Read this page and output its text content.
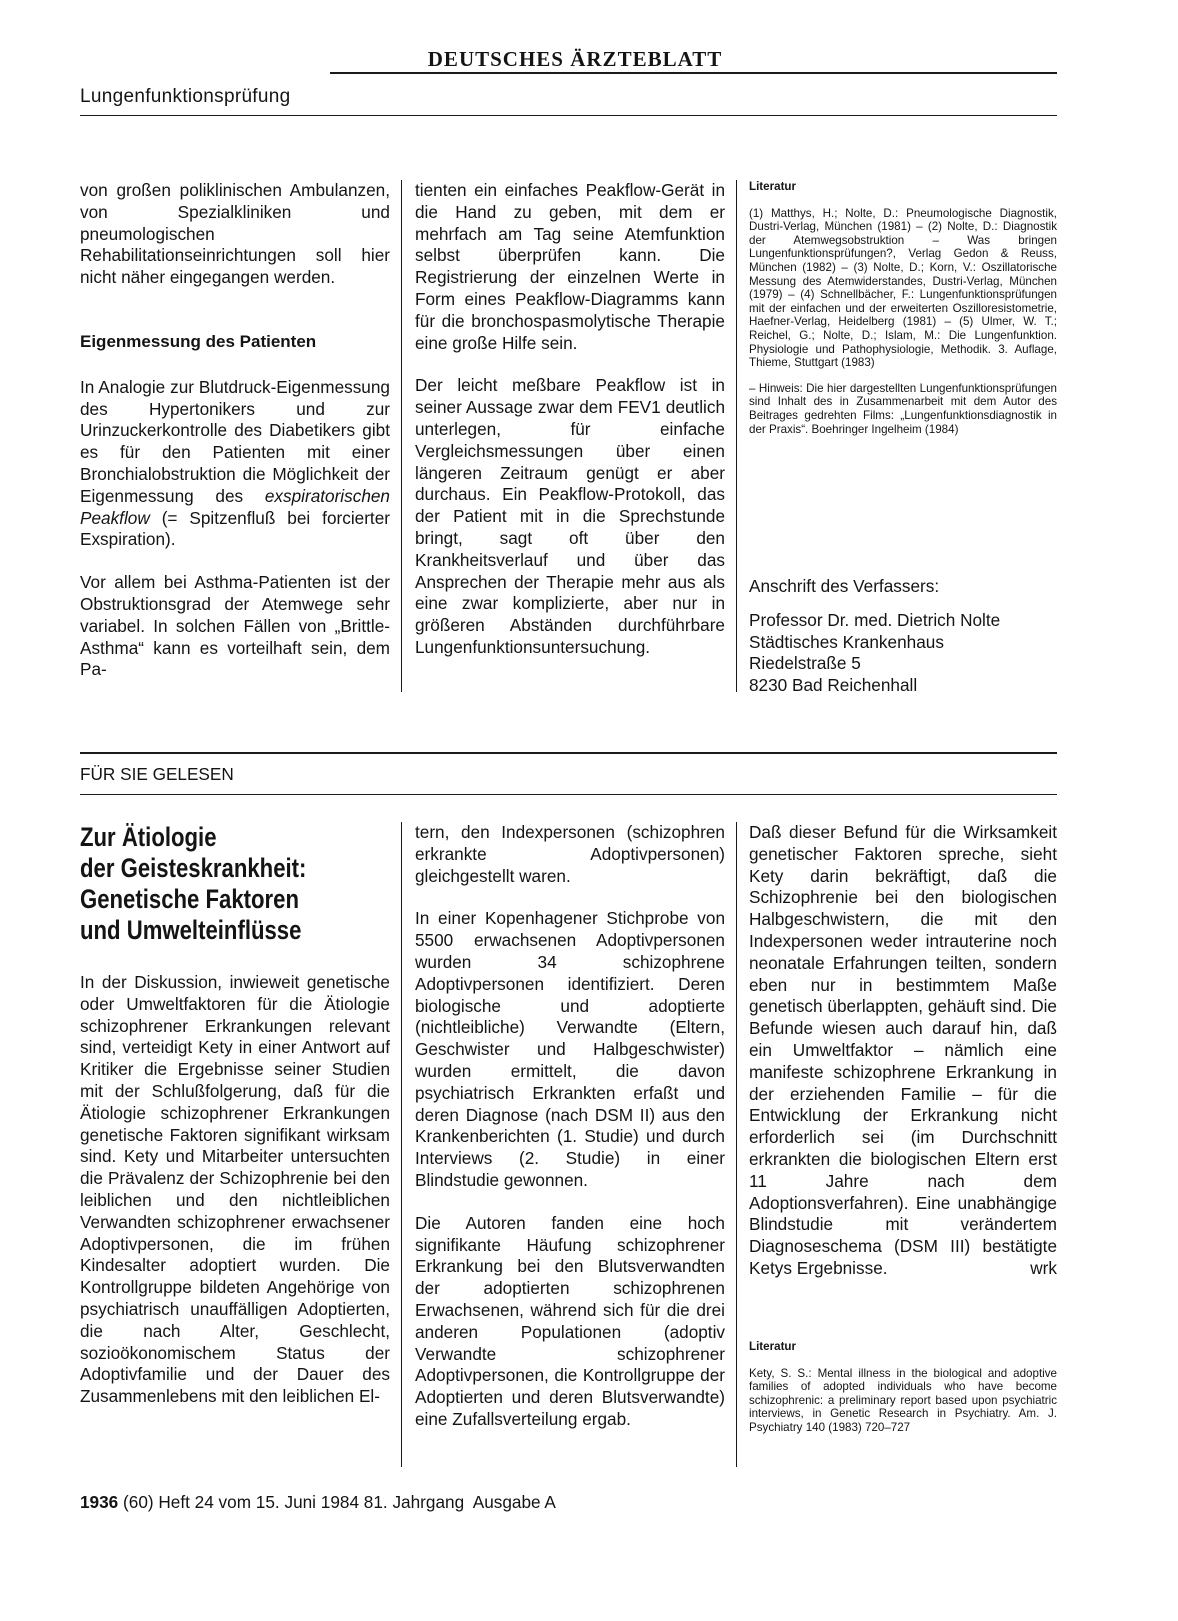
DEUTSCHES ÄRZTEBLATT
Lungenfunktionsprüfung

von großen poliklinischen Ambulanzen, von Spezialkliniken und pneumologischen Rehabilitationseinrichtungen soll hier nicht näher eingegangen werden.

Eigenmessung des Patienten

In Analogie zur Blutdruck-Eigenmessung des Hypertonikers und zur Urinzuckerkontrolle des Diabetikers gibt es für den Patienten mit einer Bronchialobstruktion die Möglichkeit der Eigenmessung des exspiratorischen Peakflow (= Spitzenfluß bei forcierter Exspiration).

Vor allem bei Asthma-Patienten ist der Obstruktionsgrad der Atemwege sehr variabel. In solchen Fällen von „Brittle-Asthma“ kann es vorteilhaft sein, dem Pa-

tienten ein einfaches Peakflow-Gerät in die Hand zu geben, mit dem er mehrfach am Tag seine Atemfunktion selbst überprüfen kann. Die Registrierung der einzelnen Werte in Form eines Peakflow-Diagramms kann für die bronchospasmolytische Therapie eine große Hilfe sein.

Der leicht meßbare Peakflow ist in seiner Aussage zwar dem FEV1 deutlich unterlegen, für einfache Vergleichsmessungen über einen längeren Zeitraum genügt er aber durchaus. Ein Peakflow-Protokoll, das der Patient mit in die Sprechstunde bringt, sagt oft über den Krankheitsverlauf und über das Ansprechen der Therapie mehr aus als eine zwar komplizierte, aber nur in größeren Abständen durchführbare Lungenfunktionsuntersuchung.

Literatur

(1) Matthys, H.; Nolte, D.: Pneumologische Diagnostik, Dustri-Verlag, München (1981) – (2) Nolte, D.: Diagnostik der Atemwegsobstruktion – Was bringen Lungenfunktionsprüfungen?, Verlag Gedon & Reuss, München (1982) – (3) Nolte, D.; Korn, V.: Oszillatorische Messung des Atemwiderstandes, Dustri-Verlag, München (1979) – (4) Schnellbächer, F.: Lungenfunktionsprüfungen mit der einfachen und der erweiterten Oszilloresistometrie, Haefner-Verlag, Heidelberg (1981) – (5) Ulmer, W. T.; Reichel, G.; Nolte, D.; Islam, M.: Die Lungenfunktion. Physiologie und Pathophysiologie, Methodik. 3. Auflage, Thieme, Stuttgart (1983)

– Hinweis: Die hier dargestellten Lungenfunktionsprüfungen sind Inhalt des in Zusammenarbeit mit dem Autor des Beitrages gedrehten Films: „Lungenfunktionsdiagnostik in der Praxis“. Boehringer Ingelheim (1984)

Anschrift des Verfassers:
Professor Dr. med. Dietrich Nolte
Städtisches Krankenhaus
Riedelstraße 5
8230 Bad Reichenhall
FÜR SIE GELESEN
Zur Ätiologie
der Geisteskrankheit:
Genetische Faktoren
und Umwelteinflüsse

In der Diskussion, inwieweit genetische oder Umweltfaktoren für die Ätiologie schizophrener Erkrankungen relevant sind, verteidigt Kety in einer Antwort auf Kritiker die Ergebnisse seiner Studien mit der Schlußfolgerung, daß für die Ätiologie schizophrener Erkrankungen genetische Faktoren signifikant wirksam sind. Kety und Mitarbeiter untersuchten die Prävalenz der Schizophrenie bei den leiblichen und den nichtleiblichen Verwandten schizophrener erwachsener Adoptivpersonen, die im frühen Kindesalter adoptiert wurden. Die Kontrollgruppe bildeten Angehörige von psychiatrisch unauffälligen Adoptierten, die nach Alter, Geschlecht, sozioökonomischem Status der Adoptivfamilie und der Dauer des Zusammenlebens mit den leiblichen El-

tern, den Indexpersonen (schizophren erkrankte Adoptivpersonen) gleichgestellt waren.

In einer Kopenhagener Stichprobe von 5500 erwachsenen Adoptivpersonen wurden 34 schizophrene Adoptivpersonen identifiziert. Deren biologische und adoptierte (nichtleibliche) Verwandte (Eltern, Geschwister und Halbgeschwister) wurden ermittelt, die davon psychiatrisch Erkrankten erfaßt und deren Diagnose (nach DSM II) aus den Krankenberichten (1. Studie) und durch Interviews (2. Studie) in einer Blindstudie gewonnen.

Die Autoren fanden eine hoch signifikante Häufung schizophrener Erkrankung bei den Blutsverwandten der adoptierten schizophrenen Erwachsenen, während sich für die drei anderen Populationen (adoptiv Verwandte schizophrener Adoptivpersonen, die Kontrollgruppe der Adoptierten und deren Blutsverwandte) eine Zufallsverteilung ergab.

Daß dieser Befund für die Wirksamkeit genetischer Faktoren spreche, sieht Kety darin bekräftigt, daß die Schizophrenie bei den biologischen Halbgeschwistern, die mit den Indexpersonen weder intrauterine noch neonatale Erfahrungen teilten, sondern eben nur in bestimmtem Maße genetisch überlappten, gehäuft sind. Die Befunde wiesen auch darauf hin, daß ein Umweltfaktor – nämlich eine manifeste schizophrene Erkrankung in der erziehenden Familie – für die Entwicklung der Erkrankung nicht erforderlich sei (im Durchschnitt erkrankten die biologischen Eltern erst 11 Jahre nach dem Adoptionsverfahren). Eine unabhängige Blindstudie mit verändertem Diagnoseschema (DSM III) bestätigte Ketys Ergebnisse.	wrk

Literatur

Kety, S. S.: Mental illness in the biological and adoptive families of adopted individuals who have become schizophrenic: a preliminary report based upon psychiatric interviews, in Genetic Research in Psychiatry. Am. J. Psychiatry 140 (1983) 720–727

1936 (60) Heft 24 vom 15. Juni 1984 81. Jahrgang  Ausgabe A
